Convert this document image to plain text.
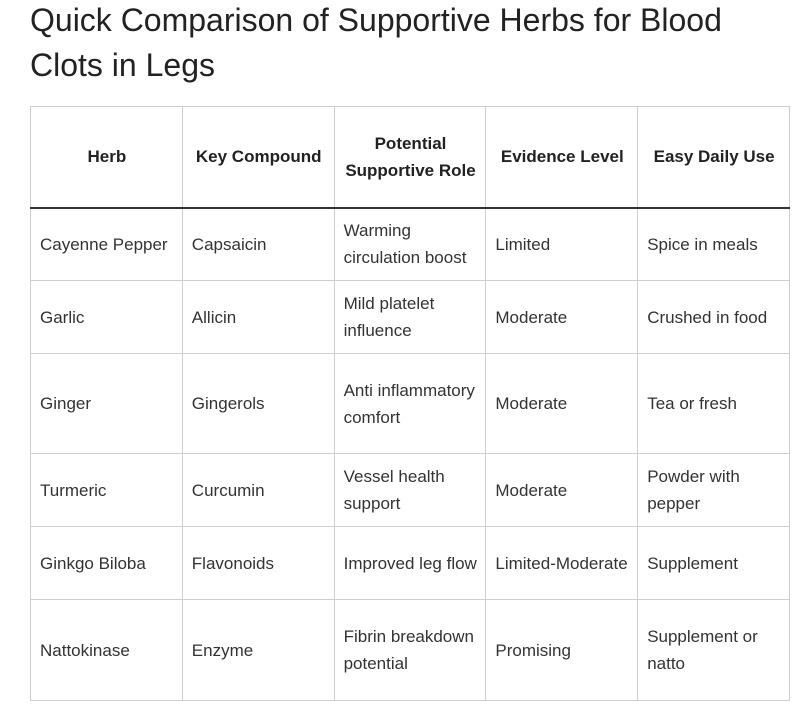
Quick Comparison of Supportive Herbs for Blood Clots in Legs
Herb	Key Compound	Potential Supportive Role	Evidence Level	Easy Daily Use
Cayenne Pepper	Capsaicin	Warming circulation boost	Limited	Spice in meals
Garlic	Allicin	Mild platelet influence	Moderate	Crushed in food
Ginger	Gingerols	Anti inflammatory comfort	Moderate	Tea or fresh
Turmeric	Curcumin	Vessel health support	Moderate	Powder with pepper
Ginkgo Biloba	Flavonoids	Improved leg flow	Limited-Moderate	Supplement
Nattokinase	Enzyme	Fibrin breakdown potential	Promising	Supplement or natto
